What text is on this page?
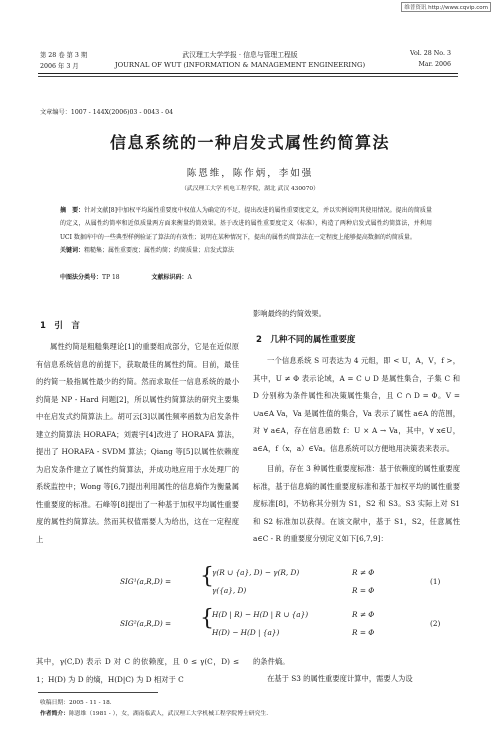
维普资讯 http://www.cqvip.com
第 28 卷 第 3 期
2006 年 3 月
武汉理工大学学报 · 信息与管理工程版
JOURNAL OF WUT (INFORMATION & MANAGEMENT ENGINEERING)
Vol. 28 No. 3
Mar. 2006
文章编号：1007 - 144X(2006)03 - 0043 - 04
信息系统的一种启发式属性约简算法
陈恩维，陈作炳，李如强
（武汉理工大学 机电工程学院，湖北 武汉 430070）
摘　要：针对文献[8]中加权平均属性重要度中权值人为确定的不足，提出改进的属性重要度定义，并以实例说明其使用情况。提出的简质量的定义，从属性约简率和近似质量两方面来衡量约简效果。基于改进的属性重要度定义（标准），构造了两种启发式属性约简算法，并利用 UCI 数据库中的一些典型样例验证了算法的有效性；说明在某种情况下，提出的属性约简算法在一定程度上能够提高数据的约简质量。
关键词：粗糙集；属性重要度；属性约简；约简质量；启发式算法
中图法分类号：TP 18	文献标识码：A
1　引　言
属性约简是粗糙集理论[1]的重要组成部分，它是在近似原有信息系统信息的前提下，获取最佳的属性约简。目前，最佳的约简一般指属性最少的约简。然而求取任一信息系统的最小约简是 NP - Hard 问题[2]，所以属性约简算法的研究主要集中在启发式约简算法上。胡可云[3]以属性频率函数为启发条件建立约简算法 HORAFA；刘震宇[4]改进了 HORAFA 算法，提出了 HORAFA - SVDM 算法；Qiang 等[5]以属性依赖度为启发条件建立了属性约简算法，并成功地应用于水处理厂的系统监控中；Wong 等[6,7]提出利用属性的信息熵作为衡量属性重要度的标准。石峰等[8]提出了一种基于加权平均属性重要度的属性约简算法。然而其权值需要人为给出，这在一定程度上
影响最终的约简效果。
2　几种不同的属性重要度
一个信息系统 S 可表达为 4 元组，即 < U，A，V，f >，其中，U ≠ Φ 表示论域，A = C ∪ D 是属性集合，子集 C 和 D 分别称为条件属性和决策属性集合，且 C ∩ D = Φ。V = ∪a∈A Va，Va 是属性值的集合，Va 表示了属性 a∈A 的范围，对 ∀ a∈A，存在信息函数 f：U × A → Va，其中，∀ x∈U，a∈A，f（x，a）∈Va。信息系统可以方便地用决策表来表示。
目前，存在 3 种属性重要度标准：基于依赖度的属性重要度标准，基于信息熵的属性重要度标准和基于加权平均的属性重要度标准[8]，不妨称其分别为 S1，S2 和 S3。S3 实际上对 S1 和 S2 标准加以获得。在该文献中，基于 S1，S2，任意属性 a∈C - R 的重要度分别定义如下[6,7,9]：
SIG¹(a,R,D) = {
γ(R ∪ {a}, D) − γ(R, D)	R ≠ Φ
γ({a}, D)	R = Φ
(1)
SIG²(a,R,D) = {
H(D | R) − H(D | R ∪ {a})	R ≠ Φ
H(D) − H(D | {a})	R = Φ
(2)
其中，γ(C,D) 表示 D 对 C 的依赖度，且 0 ≤ γ(C，D) ≤ 1；H(D) 为 D 的熵，H(D|C) 为 D 相对于 C
的条件熵。
在基于 S3 的属性重要度计算中，需要人为设
收稿日期：2005 - 11 - 18.
作者简介：陈恩维（1981 - ），女，湖南临武人，武汉理工大学机械工程学院博士研究生.
